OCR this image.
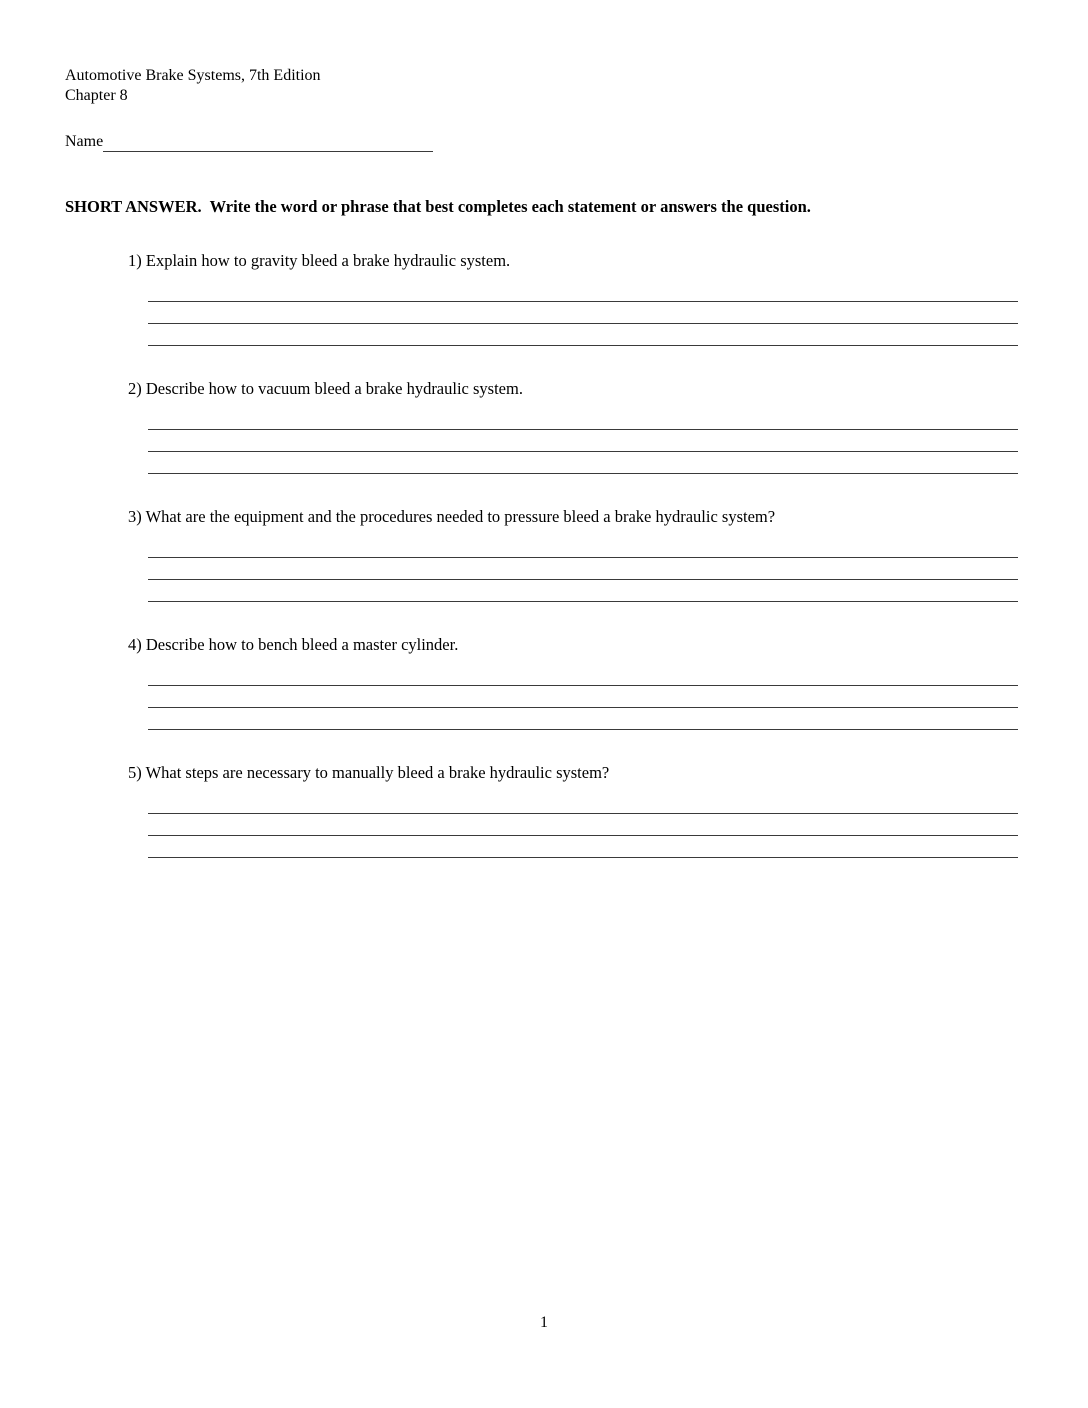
Automotive Brake Systems, 7th Edition
Chapter 8
Name
SHORT ANSWER.  Write the word or phrase that best completes each statement or answers the question.
1) Explain how to gravity bleed a brake hydraulic system.
2) Describe how to vacuum bleed a brake hydraulic system.
3) What are the equipment and the procedures needed to pressure bleed a brake hydraulic system?
4) Describe how to bench bleed a master cylinder.
5) What steps are necessary to manually bleed a brake hydraulic system?
1
